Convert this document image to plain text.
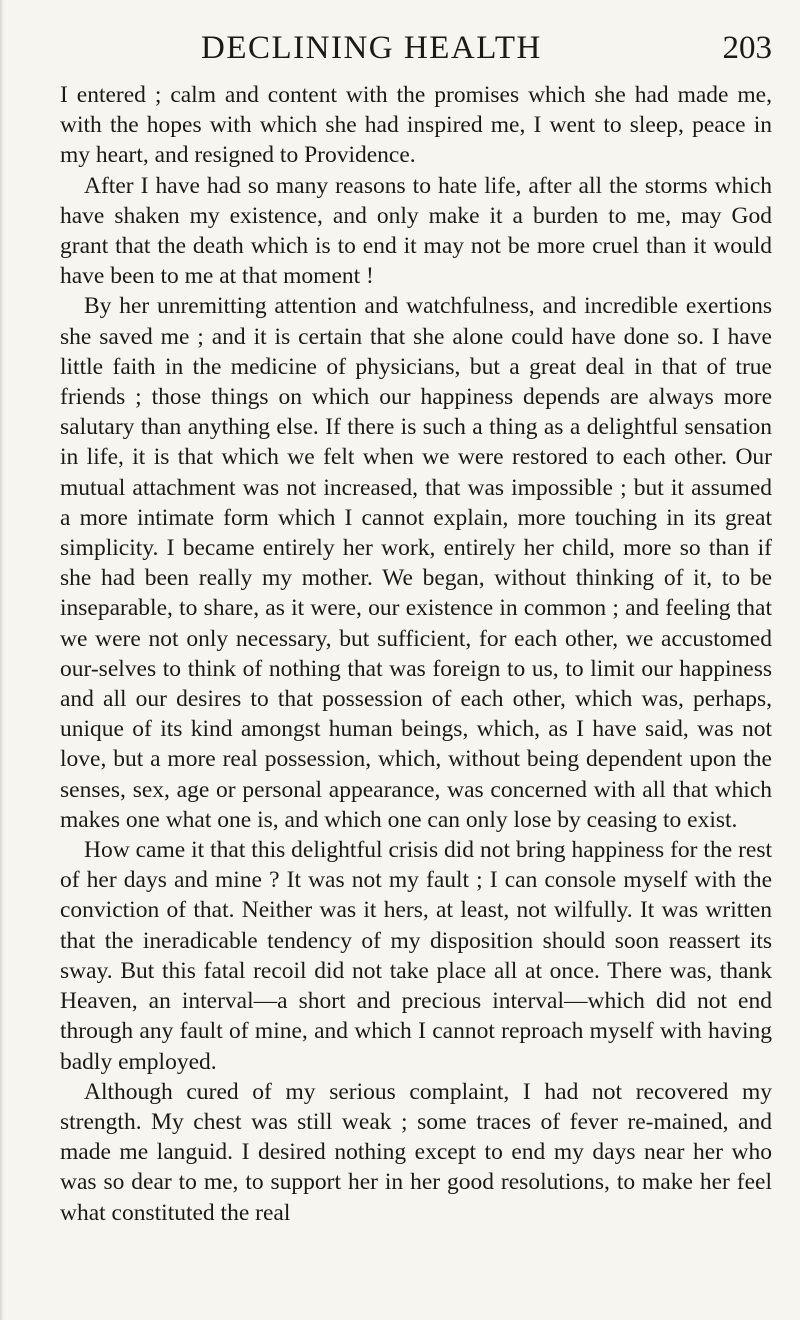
DECLINING HEALTH	203

I entered ; calm and content with the promises which she had made me, with the hopes with which she had inspired me, I went to sleep, peace in my heart, and resigned to Providence.

After I have had so many reasons to hate life, after all the storms which have shaken my existence, and only make it a burden to me, may God grant that the death which is to end it may not be more cruel than it would have been to me at that moment !

By her unremitting attention and watchfulness, and incredible exertions she saved me ; and it is certain that she alone could have done so. I have little faith in the medicine of physicians, but a great deal in that of true friends ; those things on which our happiness depends are always more salutary than anything else. If there is such a thing as a delightful sensation in life, it is that which we felt when we were restored to each other. Our mutual attachment was not increased, that was impossible ; but it assumed a more intimate form which I cannot explain, more touching in its great simplicity. I became entirely her work, entirely her child, more so than if she had been really my mother. We began, without thinking of it, to be inseparable, to share, as it were, our existence in common ; and feeling that we were not only necessary, but sufficient, for each other, we accustomed our-selves to think of nothing that was foreign to us, to limit our happiness and all our desires to that possession of each other, which was, perhaps, unique of its kind amongst human beings, which, as I have said, was not love, but a more real possession, which, without being dependent upon the senses, sex, age or personal appearance, was concerned with all that which makes one what one is, and which one can only lose by ceasing to exist.

How came it that this delightful crisis did not bring happiness for the rest of her days and mine ? It was not my fault ; I can console myself with the conviction of that. Neither was it hers, at least, not wilfully. It was written that the ineradicable tendency of my disposition should soon reassert its sway. But this fatal recoil did not take place all at once. There was, thank Heaven, an interval—a short and precious interval—which did not end through any fault of mine, and which I cannot reproach myself with having badly employed.

Although cured of my serious complaint, I had not recovered my strength. My chest was still weak ; some traces of fever re-mained, and made me languid. I desired nothing except to end my days near her who was so dear to me, to support her in her good resolutions, to make her feel what constituted the real
